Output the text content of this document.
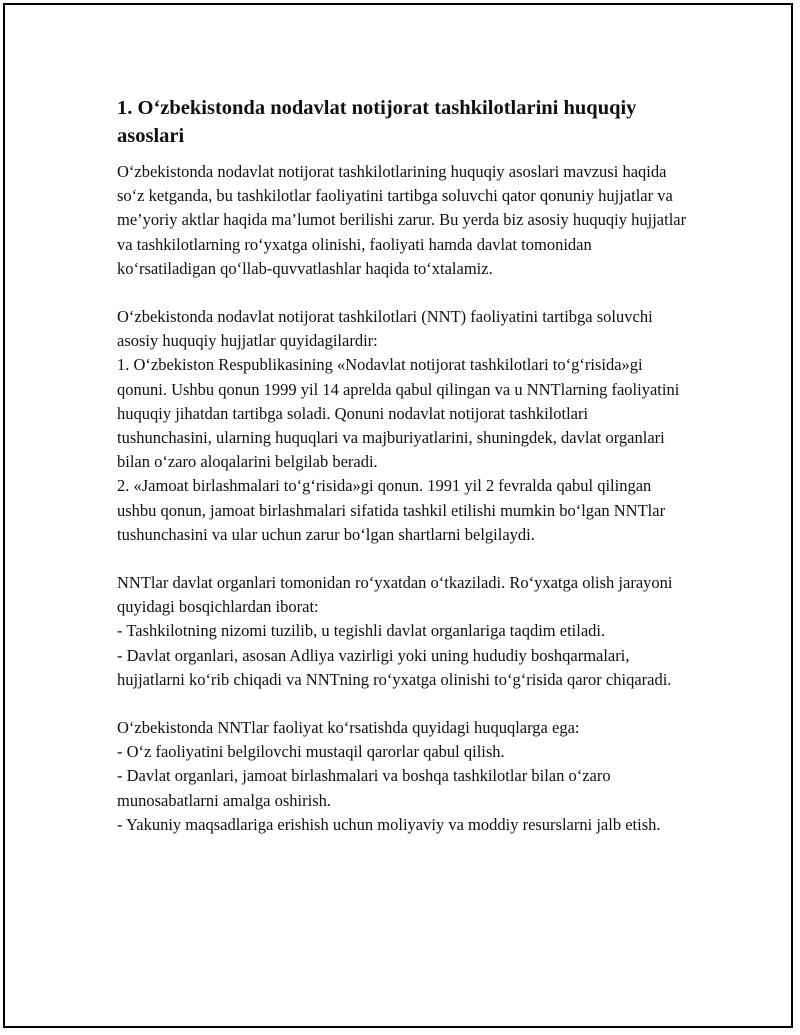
1. O‘zbekistonda nodavlat notijorat tashkilotlarini huquqiy asoslari

O‘zbekistonda nodavlat notijorat tashkilotlarining huquqiy asoslari mavzusi haqida so‘z ketganda, bu tashkilotlar faoliyatini tartibga soluvchi qator qonuniy hujjatlar va me’yoriy aktlar haqida ma’lumot berilishi zarur. Bu yerda biz asosiy huquqiy hujjatlar va tashkilotlarning ro‘yxatga olinishi, faoliyati hamda davlat tomonidan ko‘rsatiladigan qo‘llab-quvvatlashlar haqida to‘xtalamiz.

O‘zbekistonda nodavlat notijorat tashkilotlari (NNT) faoliyatini tartibga soluvchi asosiy huquqiy hujjatlar quyidagilardir:
1. O‘zbekiston Respublikasining «Nodavlat notijorat tashkilotlari to‘g‘risida»gi qonuni. Ushbu qonun 1999 yil 14 aprelda qabul qilingan va u NNTlarning faoliyatini huquqiy jihatdan tartibga soladi. Qonuni nodavlat notijorat tashkilotlari tushunchasini, ularning huquqlari va majburiyatlarini, shuningdek, davlat organlari bilan o‘zaro aloqalarini belgilab beradi.
2. «Jamoat birlashmalari to‘g‘risida»gi qonun. 1991 yil 2 fevralda qabul qilingan ushbu qonun, jamoat birlashmalari sifatida tashkil etilishi mumkin bo‘lgan NNTlar tushunchasini va ular uchun zarur bo‘lgan shartlarni belgilaydi.

NNTlar davlat organlari tomonidan ro‘yxatdan o‘tkaziladi. Ro‘yxatga olish jarayoni quyidagi bosqichlardan iborat:
- Tashkilotning nizomi tuzilib, u tegishli davlat organlariga taqdim etiladi.
- Davlat organlari, asosan Adliya vazirligi yoki uning hududiy boshqarmalari, hujjatlarni ko‘rib chiqadi va NNTning ro‘yxatga olinishi to‘g‘risida qaror chiqaradi.

O‘zbekistonda NNTlar faoliyat ko‘rsatishda quyidagi huquqlarga ega:
- O‘z faoliyatini belgilovchi mustaqil qarorlar qabul qilish.
- Davlat organlari, jamoat birlashmalari va boshqa tashkilotlar bilan o‘zaro munosabatlarni amalga oshirish.
- Yakuniy maqsadlariga erishish uchun moliyaviy va moddiy resurslarni jalb etish.
